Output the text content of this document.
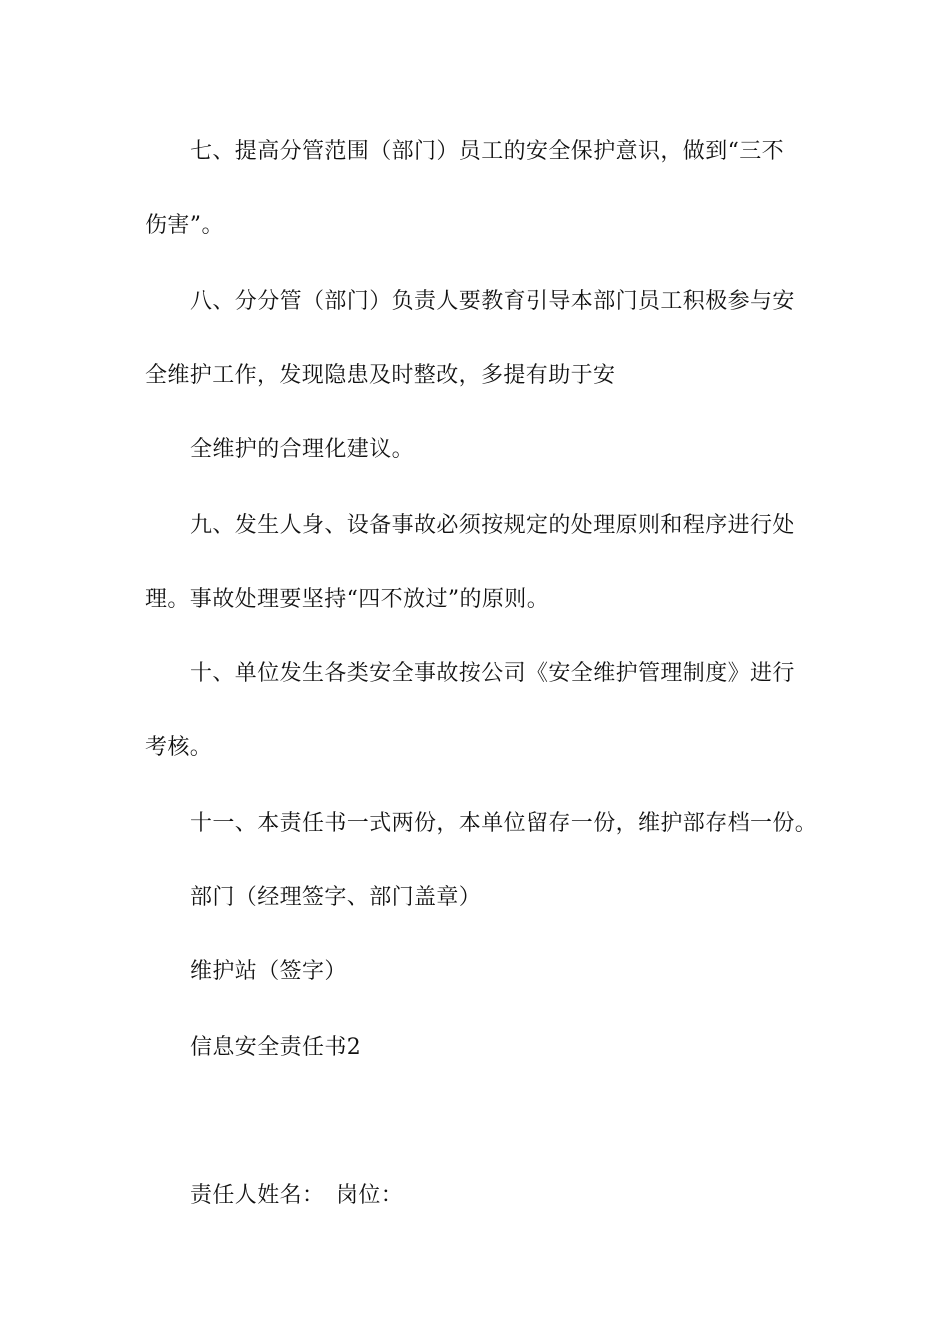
七、提高分管范围（部门）员工的安全保护意识，做到“三不
伤害”。
八、分分管（部门）负责人要教育引导本部门员工积极参与安
全维护工作，发现隐患及时整改，多提有助于安
全维护的合理化建议。
九、发生人身、设备事故必须按规定的处理原则和程序进行处
理。事故处理要坚持“四不放过”的原则。
十、单位发生各类安全事故按公司《安全维护管理制度》进行
考核。
十一、本责任书一式两份，本单位留存一份，维护部存档一份。
部门（经理签字、部门盖章）
维护站（签字）
信息安全责任书2
责任人姓名： 岗位：
